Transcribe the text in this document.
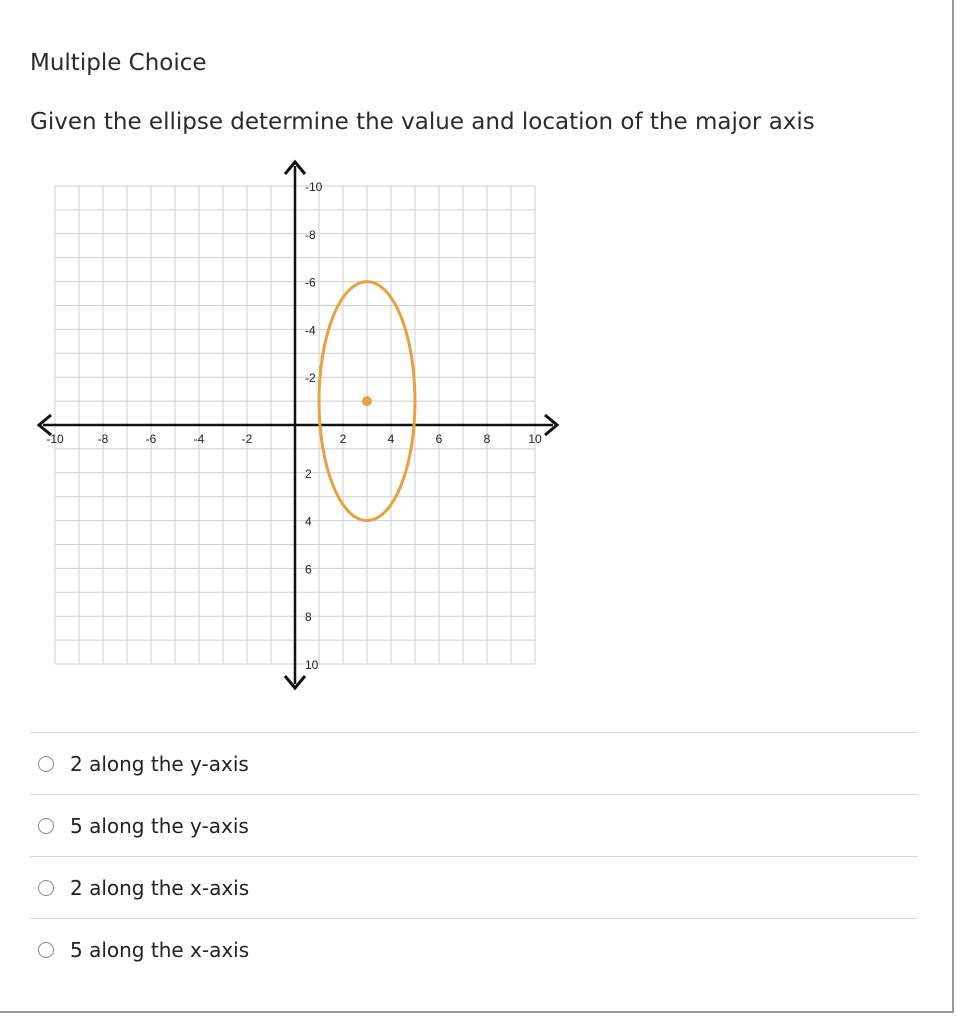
Multiple Choice
Given the ellipse determine the value and location of the major axis
-10	-8	-6	-4	-2	2	4	6	8	10
10
8
6
4
2
-2
-4
-6
-8
-10
2 along the y-axis
5 along the y-axis
2 along the x-axis
5 along the x-axis
